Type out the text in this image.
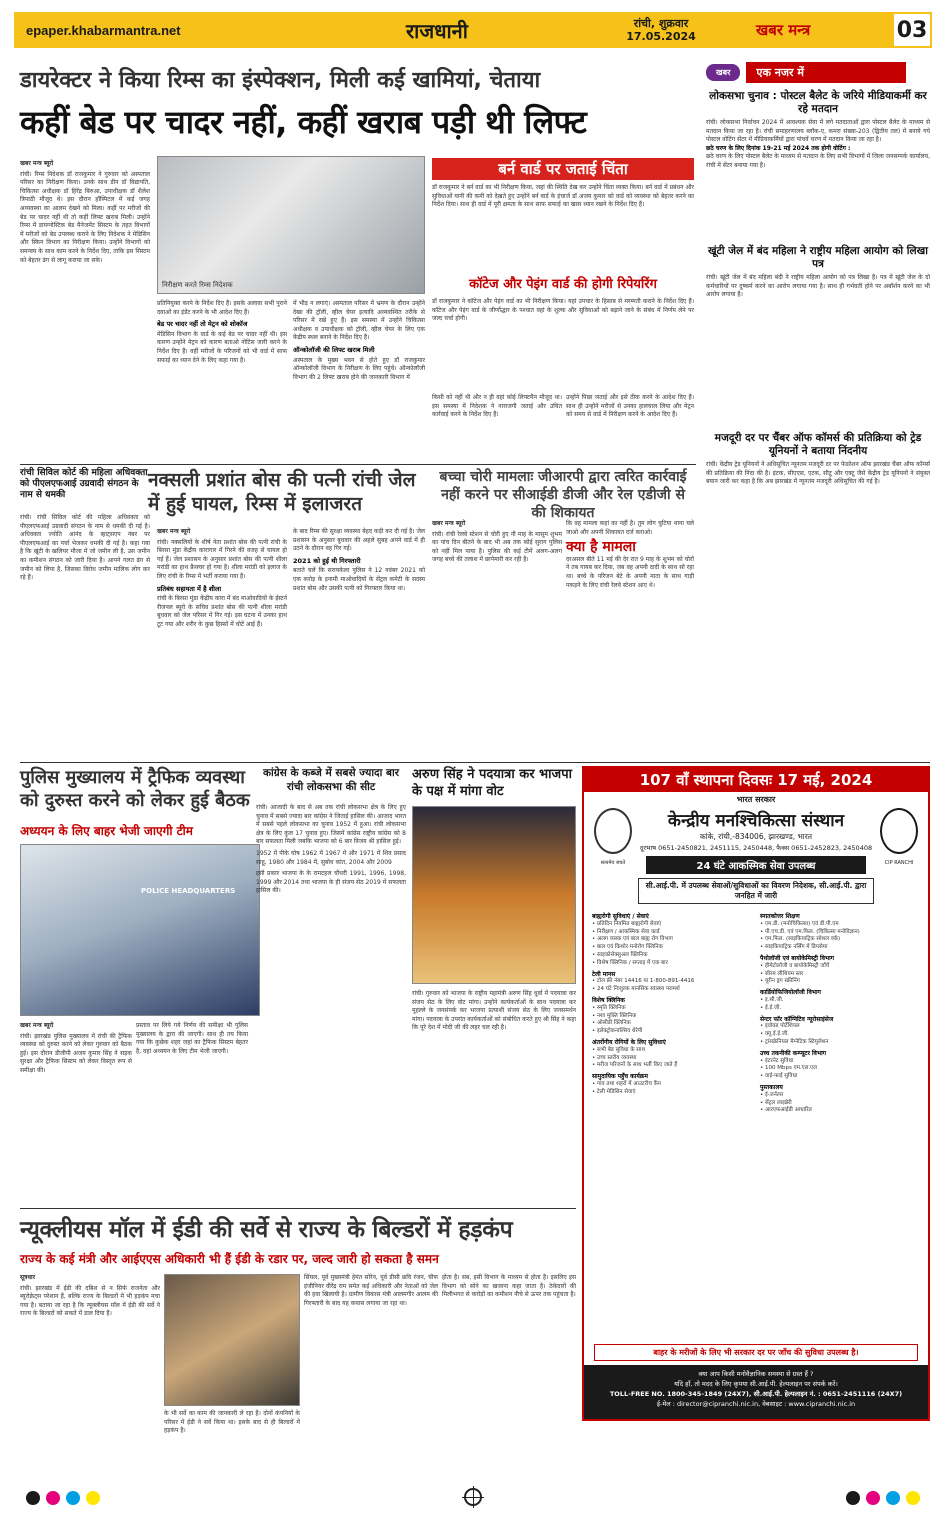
epaper.khabarmantra.net	राजधानी	रांची, शुक्रवार
17.05.2024	खबर मन्त्र	03
डायरेक्टर ने किया रिम्स का इंस्पेक्शन, मिली कई खामियां, चेताया
कहीं बेड पर चादर नहीं, कहीं खराब पड़ी थी लिफ्ट
खबर मन्त्र ब्यूरो
रांची। रिम्स निदेशक डॉ राजकुमार ने गुरुवार को अस्पताल परिसर का निरीक्षण किया। उनके साथ डीन डॉ विद्यापति, चिकित्सा अधीक्षक डॉ हिरेंद्र बिरुआ, उपाधीक्षक डॉ शैलेश त्रिपाठी मौजूद थे। इस दौरान हॉस्पिटल में कई जगह अव्यवस्था का आलम देखने को मिला। कहीं पर मरीजों की बेड पर चादर नहीं थी तो कहीं लिफ्ट खराब मिली। उन्होंने रिम्स में डायग्नोस्टिक बेड मैनेजमेंट सिस्टम के तहत विभागों में मरीजों को बेड उपलब्ध कराने के लिए निदेशक ने मेडिसिन और स्किन विभाग का निरीक्षण किया। उन्होंने विभागों को समन्वय के साथ काम करने के निर्देश दिए, ताकि इस सिस्टम को बेहतर ढंग से लागू कराया जा सके।
निरीक्षण करते रिम्स निदेशक
प्रतिनियुक्त करने के निर्देश दिए हैं। इसके अलावा सभी पुराने दवाओं का इंडेंट करने के भी आदेश दिए हैं।
बेड पर चादर नहीं तो मेट्रन को शोकॉज
मेडिसिन विभाग के वार्ड के कई बेड पर चादर नहीं थी। इस कारण उन्होंने मेट्रन को कारण बताओ नोटिस जारी करने के निर्देश दिए हैं। वहीं मरीजों के परिजनों को भी वार्ड में साफ सफाई का ध्यान देने के लिए कहा गया है।
में भीड़ न लगाएं। अस्पताल परिसर में भ्रमण के दौरान उन्होंने देखा की ट्रॉली, व्हील चेयर इत्यादि अव्यवस्थित तरीके से परिसर में रखे हुए हैं। इस समस्या में उन्होंने चिकित्सा अधीक्षक व उपाधीक्षक को ट्रॉली, व्हील चेयर के लिए एक केंद्रीय स्थल बनाने के निर्देश दिए हैं।
ऑन्कोलॉजी की लिफ्ट खराब मिली
अस्पताल के मुख्य भवन से होते हुए डॉ राजकुमार ऑन्कोलॉजी विभाग के निरीक्षण के लिए पहुंचे। ऑन्कोलॉजी विभाग की 2 लिफ्ट खराब होने की जानकारी विभाग में
बर्न वार्ड पर जताई चिंता
डॉ राजकुमार ने बर्न वार्ड का भी निरीक्षण किया, जहां की स्थिति देख कर उन्होंने चिंता व्यक्त किया। बर्न वार्ड में प्रबंधन और सुविधाओं यानी की कमी को देखते हुए उन्होंने बर्न वार्ड के इंचार्ज डॉ अजय कुमार को वार्ड को व्यवस्था को बेहतर करने का निर्देश दिया। साथ ही वार्ड में पूरी क्षमता के साथ साफ सफाई का खास ध्यान रखने के निर्देश दिए हैं।
कॉटेज और पेइंग वार्ड की होगी रिपेयरिंग
डॉ राजकुमार ने कॉटेज और पेइंग वार्ड का भी निरीक्षण किया। यहां उपचार के हिसाब से मरम्मती कराने के निर्देश दिए हैं। कॉटेज और पेइंग वार्ड के जीर्णोद्धार के पश्चात वहां के शुल्क और सुविधाओं को बढ़ाने जाने के संबंध में निर्णय लेने पर जल्द चर्चा होगी।
किसी को नहीं थी और न ही वहां कोई लिफ्टमैन मौजूद था। इस समस्या में निदेशक ने नाराजगी जताई और उचित कार्रवाई करने के निर्देश दिए हैं।
उन्होंने पिछा जताई और इसे ठीक करने के आदेश दिए हैं। साथ ही उन्होंने मरीजों से उनका हालचाल लिया और मेट्रन को समय से वार्ड में निरीक्षण करने के आदेश दिए हैं।
रांची सिविल कोर्ट की महिला अधिवक्ता को पीएलएफआई उग्रवादी संगठन के नाम से धमकी
रांची। रांची सिविल कोर्ट की महिला अधिवक्ता को पीएलएफआई उग्रवादी संगठन के नाम से धमकी दी गई है। अधिवक्ता ज्योति आनंद के व्हाट्सएप नंबर पर पीएलएफआई का पर्चा भेजकर धमकी दी गई है। कहा गया है कि खूंटी के खलियर मौजा में जो जमीन ली है, उस जमीन का कमीशन संगठन को जारी दिया है। आपने गलत ढंग से जमीन को लिया है, जिसका विरोध जमीन मालिक लोग कर रहे हैं।
नक्सली प्रशांत बोस की पत्नी रांची जेल में हुई घायल, रिम्स में इलाजरत
खबर मन्त्र ब्यूरो
रांची। नक्सलियों के शीर्ष नेता प्रशांत बोस की पत्नी रांची के बिरसा मुंडा केंद्रीय कारागार में गिरने की वजह से घायल हो गई हैं। जेल प्रशासन के अनुसार प्रशांत बोस की पत्नी शीला मरांडी का हाथ फ्रैक्चर हो गया है। शीला मरांडी को इलाज के लिए रांची के रिम्स में भर्ती कराया गया है।
प्रतिबंध सहायता में है शीला
रांची के बिरसा मुंडा केंद्रीय कारा में बंद माओवादियों के ईस्टर्न रीजनल ब्यूरो के सचिव प्रशांत बोस की पत्नी शीला मरांडी बुधवार को जेल परिसर में गिर गई। इस घटना में उनका हाथ टूट गया और शरीर के कुछ हिस्सों में चोटें आई हैं।
के बाद रिम्स की सुरक्षा व्यवस्था बेहद कड़ी कर दी गई है। जेल प्रशासन के अनुसार बुधवार की अहले सुबह अपने वार्ड में ही उठने के दौरान वह गिर गई।
2021 को हुई थी गिरफ्तारी
बताते चलें कि सरायकेला पुलिस ने 12 नवंबर 2021 को एक करोड़ के इनामी माओवादियों के सेंट्रल कमेटी के सदस्य प्रशांत बोस और उसकी पत्नी को गिरफ्तार किया था।
बच्चा चोरी मामलाः जीआरपी द्वारा त्वरित कार्रवाई नहीं करने पर सीआईडी डीजी और रेल एडीजी से की शिकायत
खबर मन्त्र ब्यूरो
रांची। रांची रेलवे स्टेशन से चोरी हुए नौ माह के मासूम शुभम का पांच दिन बीतने के बाद भी अब तक कोई सुराग पुलिस को नहीं मिल पाया है। पुलिस की कई टीमें अलग-अलग जगह बच्चे की तलाश में छापेमारी कर रही है।
कि वह मामला कहां का नहीं है। तुम लोग चुटिया थाना चले जाओ और अपनी शिकायत दर्ज कराओ।
क्या है मामला
दरअसल बीते 11 मई की देर रात 9 माह के शुभम को चोरों ने तब गायब कर दिया, जब वह अपनी दादी के साथ सो रहा था। बच्चे के परिजन बेटे के अपनी माता के साथ गाड़ी पकड़ने के लिए रांची रेलवे स्टेशन आए थे।
खबर	एक नजर में
लोकसभा चुनाव : पोस्टल बैलेट के जरिये मीडियाकर्मी कर रहे मतदान
रांची। लोकसभा निर्वाचन 2024 में आवश्यक सेवा में लगे मतदाताओं द्वारा पोस्टल बैलेट के माध्यम से मतदान किया जा रहा है। रांची समाहरणालय ब्लॉक-ए, कमरा संख्या-203 (द्वितीय तल) में बनाये गये पोस्टल वोटिंग सेंटर में मीडियाकर्मियों द्वारा पांचवें चरण में मतदान किया जा रहा है।
छठे चरण के लिए दिनांक 19-21 मई 2024 तक होगी वोटिंग :
छठे चरण के लिए पोस्टल बैलेट के माध्यम से मतदान के लिए सभी विभागों में जिला जनसम्पर्क कार्यालय, रांची में सेंटर बनाया गया है।
खूंटी जेल में बंद महिला ने राष्ट्रीय महिला आयोग को लिखा पत्र
रांची। खूंटी जेल में बंद महिला बंदी ने राष्ट्रीय महिला आयोग को पत्र लिखा है। पत्र में खूंटी जेल के दो कर्मचारियों पर दुष्कर्म करने का आरोप लगाया गया है। साथ ही गर्भवती होने पर अबॉर्शन करने का भी आरोप लगाया है।
मजदूरी दर पर चैंबर ऑफ कॉमर्स की प्रतिक्रिया को ट्रेड यूनियनों ने बताया निंदनीय
रांची। केंद्रीय ट्रेड यूनियनों ने अधिसूचित न्यूनतम मजदूरी दर पर फेडरेशन ऑफ झारखंड चैंबर ऑफ कॉमर्स की प्रतिक्रिया की निंदा की है। इंटक, सीएएस, एटक, सीटू और एक्टू जैसे केंद्रीय ट्रेड यूनियनों ने संयुक्त बयान जारी कर कहा है कि अब झारखंड में न्यूनतम मजदूरी अधिसूचित की गई है।
पुलिस मुख्यालय में ट्रैफिक व्यवस्था को दुरुस्त करने को लेकर हुई बैठक
अध्ययन के लिए बाहर भेजी जाएगी टीम
POLICE HEADQUARTERS
खबर मन्त्र ब्यूरो
रांची। झारखंड पुलिस मुख्यालय में रांची की ट्रैफिक व्यवस्था को दुरुस्त करने को लेकर गुरुवार को बैठक हुई। इस दौरान डीजीपी अजय कुमार सिंह ने सड़क सुरक्षा और ट्रैफिक सिस्टम को लेकर विस्तृत रूप से समीक्षा की।
प्रस्ताव पर लिये गये निर्णय की समीक्षा भी पुलिस मुख्यालय के द्वारा की जाएगी। साथ ही तय किया गया कि कुछेक शहर जहां का ट्रैफिक सिस्टम बेहतर है, वहां अध्ययन के लिए टीम भेजी जाएगी।
कांग्रेस के कब्जे में सबसे ज्यादा बार रांची लोकसभा की सीट
रांची। आजादी के बाद से अब तक रांची लोकसभा क्षेत्र के लिए हुए चुनाव में सबसे ज्यादा बार कांग्रेस ने जिताई हासिल की। आजाद भारत में सबसे पहले लोकसभा का चुनाव 1952 में हुआ। रांची लोकसभा क्षेत्र के लिए कुल 17 चुनाव हुए। जिसमें कांग्रेस राष्ट्रीय कांग्रेस को 8 बार सफलता मिली जबकि भाजपा को 6 बार विजय श्री हासिल हुई।
1952 में पीके घोष 1962 में 1967 में और 1971 में शिव प्रसाद साहू, 1980 और 1984 में, सुबोध कांत, 2004 और 2009
इसी प्रकार भाजपा के के रामटहल चौधरी 1991, 1996, 1998, 1999 और 2014 तथा भाजपा के ही संजय सेठ 2019 में सफलता हासिल की।
अरुण सिंह ने पदयात्रा कर भाजपा के पक्ष में मांगा वोट
रांची। गुरुवार को भाजपा के राष्ट्रीय महामंत्री अरुण सिंह धुर्वा में पदयात्रा कर संजय सेठ के लिए वोट मांगा। उन्होंने कार्यकर्ताओं के साथ पदयात्रा कर मुहल्ले के जनसंपर्क कर भाजपा प्रत्याशी संजय सेठ के लिए जनसमर्थन मांगा। पदयात्रा के उपरांत कार्यकर्ताओं को संबोधित करते हुए श्री सिंह ने कहा कि पूरे देश में मोदी जी की लहर चल रही है।
107 वाँ स्थापना दिवसः 17 मई, 2024
सत्यमेव जयते	CIP RANCHI
भारत सरकार
केन्द्रीय मनश्चिकित्सा संस्थान
कांके, रांची,-834006, झारखण्ड, भारत
दूरभाष 0651-2450821, 2451115, 2450448, फैक्स 0651-2452823, 2450408
24 घंटे आकस्मिक सेवा उपलब्ध
सी.आई.पी. में उपलब्ध सेवाओं/सुविधाओं का विवरण निदेशक, सी.आई.पी. द्वारा जनहित में जारी
बाह्यरोगी सुविधाएं / सेवाएं
• प्रतिदिन नियमित बाह्यरोगी सेवाएं
• निरीक्षण / आकस्मिक सेवा कार्ड
• अलग व्यस्क एवं बाल बाह्य रोग विभाग
• बाल एवं किशोर मनोरोग क्लिनिक
• साइकोसेक्सुअल क्लिनिक
• विशेष क्लिनिक / सप्ताह में एक बार
टेली मानस
• टोल फ्री नंबर 14416 या 1-800-891-4416
• 24 घंटे निःशुल्क मानसिक स्वास्थ्य परामर्श
विशेष क्लिनिक
• स्मृति क्लिनिक
• नशा मुक्ति क्लिनिक
• ओसीडी क्लिनिक
• इलेक्ट्रोकन्वल्सिव थेरेपी
अंतर्रोगीय रोगियों के लिए सुविधाएं
• सभी बेड सुविधा के साथ
• उच्च स्तरीय व्यवस्था
• मरीज परिजनों के साथ भर्ती किए जाते हैं
सामुदायिक पहुँच कार्यक्रम
• गांव तथा शहरों में आउटरीच कैंप
• टेली मेडिसिन सेवाएं
स्नातकोत्तर शिक्षण
• एम.डी. (मनोचिकित्सा) एवं डी.पी.एम
• पी.एच.डी. एवं एम.फिल. (चिकित्सा मनोविज्ञान)
• एम.फिल. (साइकियाट्रिक सोशल वर्क)
• साइकियाट्रिक नर्सिंग में डिप्लोमा
पैथोलॉजी एवं बायोकेमिस्ट्री विभाग
• हीमेटोलॉजी व बायोकेमिस्ट्री जाँचें
• सीरम लीथियम स्तर
• यूरीन ड्रग स्क्रीनिंग
कार्डियोफिजियोलॉजी विभाग
• इ.सी.जी.
• ई.ई.जी.
सेन्टर फॉर कॉग्निटिव न्यूरोसाइंसेज
• इवोक्ड पोटेंशियल
• क्यू.ई.ई.जी.
• ट्रांसक्रेनियल मैग्नेटिक स्टिमुलेशन
उच्च तकनीकी कम्प्यूटर विभाग
• इंटरनेट सुविधा
• 100 Mbps एम.एल.एल
• वाई-फाई सुविधा
पुस्तकालय
• ई-जर्नल्स
• सेंट्रल लाइब्रेरी
• आरएफआईडी आधारित
बाहर के मरीजों के लिए भी सरकार दर पर जाँच की सुविधा उपलब्ध है।
क्या आप किसी मनोवैज्ञानिक समस्या से ग्रस्त हैं ?
यदि हाँ, तो मदद के लिए कृपया सी.आई.पी. हेल्पलाइन पर संपर्क करें।
TOLL-FREE NO. 1800-345-1849 (24X7), सी.आई.पी. हेल्पलाइन नं. : 0651-2451116 (24X7)
ई-मेल : director@cipranchi.nic.in, वेबसाइट : www.cipranchi.nic.in
न्यूक्लीयस मॉल में ईडी की सर्वे से राज्य के बिल्डरों में हड़कंप
राज्य के कई मंत्री और आईएएस अधिकारी भी हैं ईडी के रडार पर, जल्द जारी हो सकता है समन
सूत्रधार
रांची। झारखंड में ईडी की दबिश से न सिर्फ राजनेता और ब्यूरोक्रेट्स परेशान हैं, बल्कि राज्य के बिल्डरों में भी हड़कंप मचा गया है। बताया जा रहा है कि न्यूक्लीयस मॉल में ईडी की सर्वे ने राज्य के बिल्डरों को सकते में डाल दिया है।
के भी सर्वे का काम की जानकारी ले रहा है। दोनों कंपनियों के परिसर में ईडी ने सर्वे किया था। इसके बाद से ही बिल्डरों में हड़कंप है।
सिंघल, पूर्व मुख्यमंत्री हेमंत सोरेन, पूर्व डीसी छवि रंजन, चीफ इंजीनियर वीरेंद्र राम समेत कई अधिकारी और नेताओं को जेल की हवा खिलायी है। ग्रामीण विकास मंत्री आलमगीर आलम की गिरफ्तारी के बाद यह कयास लगाया जा रहा था।
होता है। सब, इसी विभाग के माध्यम से होता है। इसलिए इस विभाग को सोने का खजाना कहा जाता है। ठेकेदारों की मिलीभगत से करोड़ों का कमीशन नीचे से ऊपर तक पहुंचता है।
